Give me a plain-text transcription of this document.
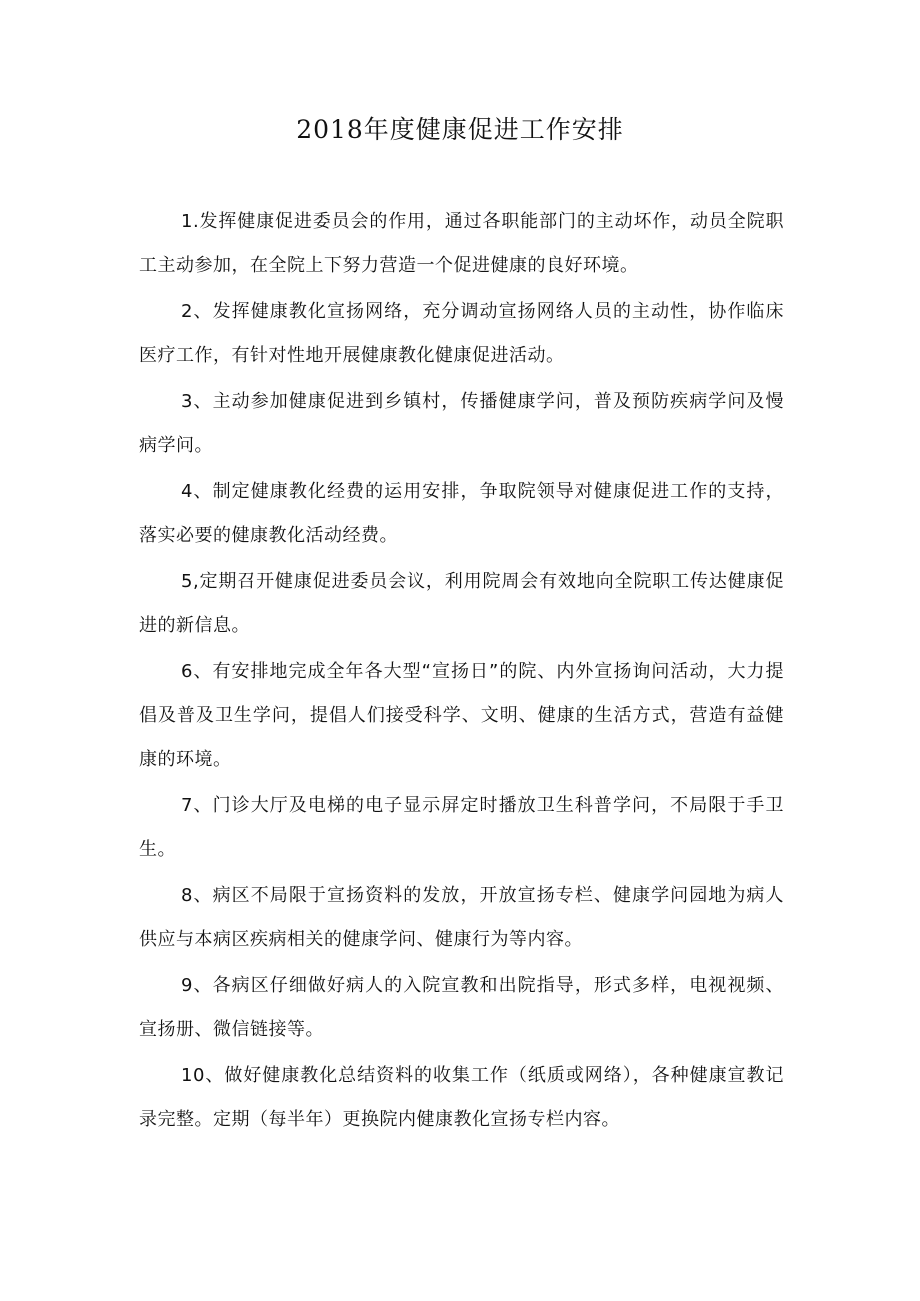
2018年度健康促进工作安排

1.发挥健康促进委员会的作用，通过各职能部门的主动坏作，动员全院职工主动参加，在全院上下努力营造一个促进健康的良好环境。

2、发挥健康教化宣扬网络，充分调动宣扬网络人员的主动性，协作临床医疗工作，有针对性地开展健康教化健康促进活动。

3、主动参加健康促进到乡镇村，传播健康学问，普及预防疾病学问及慢病学问。

4、制定健康教化经费的运用安排，争取院领导对健康促进工作的支持，落实必要的健康教化活动经费。

5,定期召开健康促进委员会议，利用院周会有效地向全院职工传达健康促进的新信息。

6、有安排地完成全年各大型“宣扬日”的院、内外宣扬询问活动，大力提倡及普及卫生学问，提倡人们接受科学、文明、健康的生活方式，营造有益健康的环境。

7、门诊大厅及电梯的电子显示屏定时播放卫生科普学问，不局限于手卫生。

8、病区不局限于宣扬资料的发放，开放宣扬专栏、健康学问园地为病人供应与本病区疾病相关的健康学问、健康行为等内容。

9、各病区仔细做好病人的入院宣教和出院指导，形式多样，电视视频、宣扬册、微信链接等。

10、做好健康教化总结资料的收集工作（纸质或网络），各种健康宣教记录完整。定期（每半年）更换院内健康教化宣扬专栏内容。
